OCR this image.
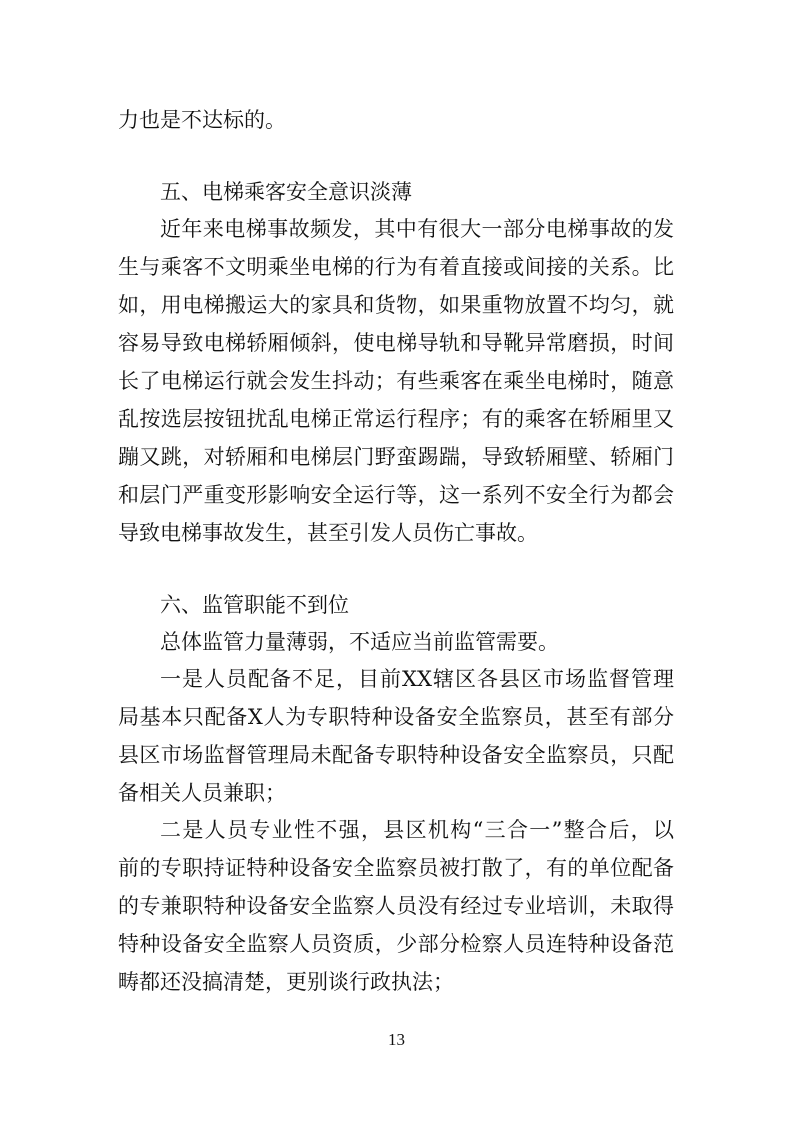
力也是不达标的。
五、电梯乘客安全意识淡薄
近年来电梯事故频发，其中有很大一部分电梯事故的发
生与乘客不文明乘坐电梯的行为有着直接或间接的关系。比
如，用电梯搬运大的家具和货物，如果重物放置不均匀，就
容易导致电梯轿厢倾斜，使电梯导轨和导靴异常磨损，时间
长了电梯运行就会发生抖动；有些乘客在乘坐电梯时，随意
乱按选层按钮扰乱电梯正常运行程序；有的乘客在轿厢里又
蹦又跳，对轿厢和电梯层门野蛮踢踹，导致轿厢壁、轿厢门
和层门严重变形影响安全运行等，这一系列不安全行为都会
导致电梯事故发生，甚至引发人员伤亡事故。
六、监管职能不到位
总体监管力量薄弱，不适应当前监管需要。
一是人员配备不足，目前XX辖区各县区市场监督管理
局基本只配备X人为专职特种设备安全监察员，甚至有部分
县区市场监督管理局未配备专职特种设备安全监察员，只配
备相关人员兼职；
二是人员专业性不强，县区机构“三合一”整合后，以
前的专职持证特种设备安全监察员被打散了，有的单位配备
的专兼职特种设备安全监察人员没有经过专业培训，未取得
特种设备安全监察人员资质，少部分检察人员连特种设备范
畴都还没搞清楚，更别谈行政执法；
13
